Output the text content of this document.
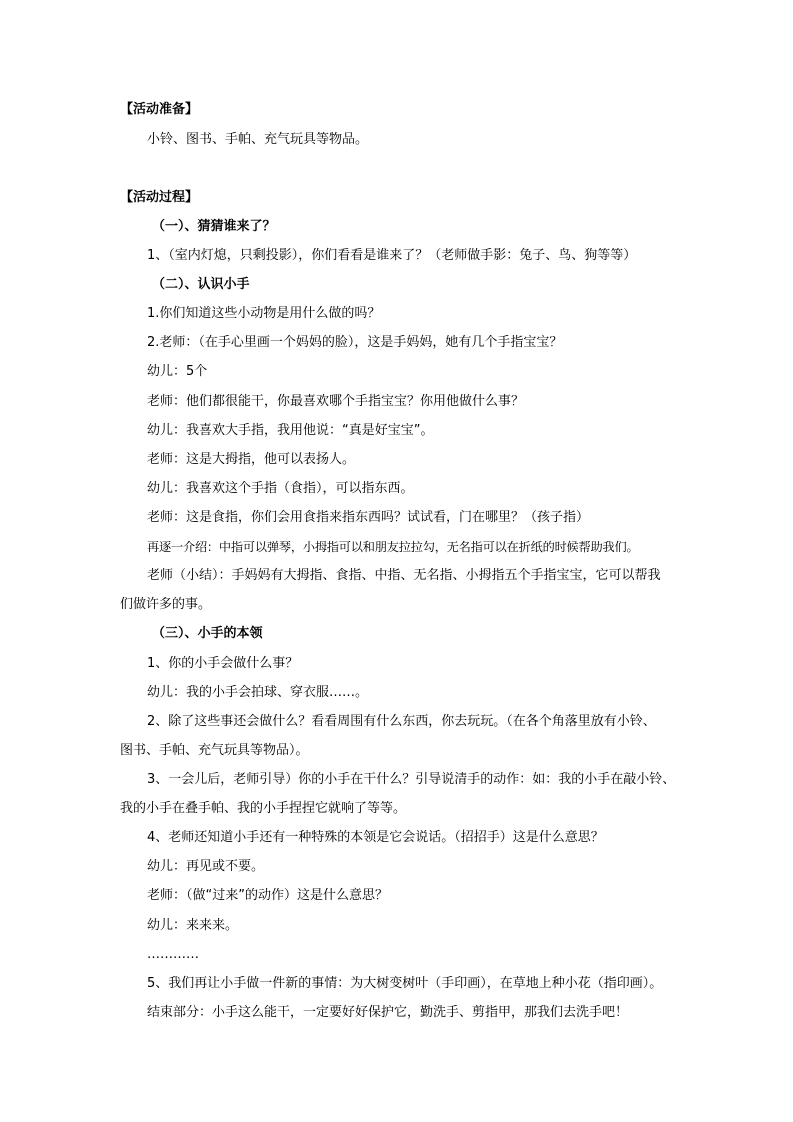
【活动准备】
小铃、图书、手帕、充气玩具等物品。
【活动过程】
（一）、猜猜谁来了？
1、（室内灯熄，只剩投影），你们看看是谁来了？（老师做手影：兔子、鸟、狗等等）
（二）、认识小手
1.你们知道这些小动物是用什么做的吗？
2.老师：（在手心里画一个妈妈的脸），这是手妈妈，她有几个手指宝宝？
幼儿：5个
老师：他们都很能干，你最喜欢哪个手指宝宝？你用他做什么事？
幼儿：我喜欢大手指，我用他说：“真是好宝宝”。
老师：这是大拇指，他可以表扬人。
幼儿：我喜欢这个手指（食指），可以指东西。
老师：这是食指，你们会用食指来指东西吗？试试看，门在哪里？（孩子指）
再逐一介绍：中指可以弹琴，小拇指可以和朋友拉拉勾，无名指可以在折纸的时候帮助我们。
老师（小结）：手妈妈有大拇指、食指、中指、无名指、小拇指五个手指宝宝，它可以帮我
们做许多的事。
（三）、小手的本领
1、你的小手会做什么事？
幼儿：我的小手会拍球、穿衣服……。
2、除了这些事还会做什么？看看周围有什么东西，你去玩玩。（在各个角落里放有小铃、
图书、手帕、充气玩具等物品）。
3、一会儿后，老师引导）你的小手在干什么？引导说清手的动作：如：我的小手在敲小铃、
我的小手在叠手帕、我的小手捏捏它就响了等等。
4、老师还知道小手还有一种特殊的本领是它会说话。（招招手）这是什么意思？
幼儿：再见或不要。
老师：（做“过来”的动作）这是什么意思？
幼儿：来来来。
…………
5、我们再让小手做一件新的事情：为大树变树叶（手印画），在草地上种小花（指印画）。
结束部分：小手这么能干，一定要好好保护它，勤洗手、剪指甲，那我们去洗手吧！
